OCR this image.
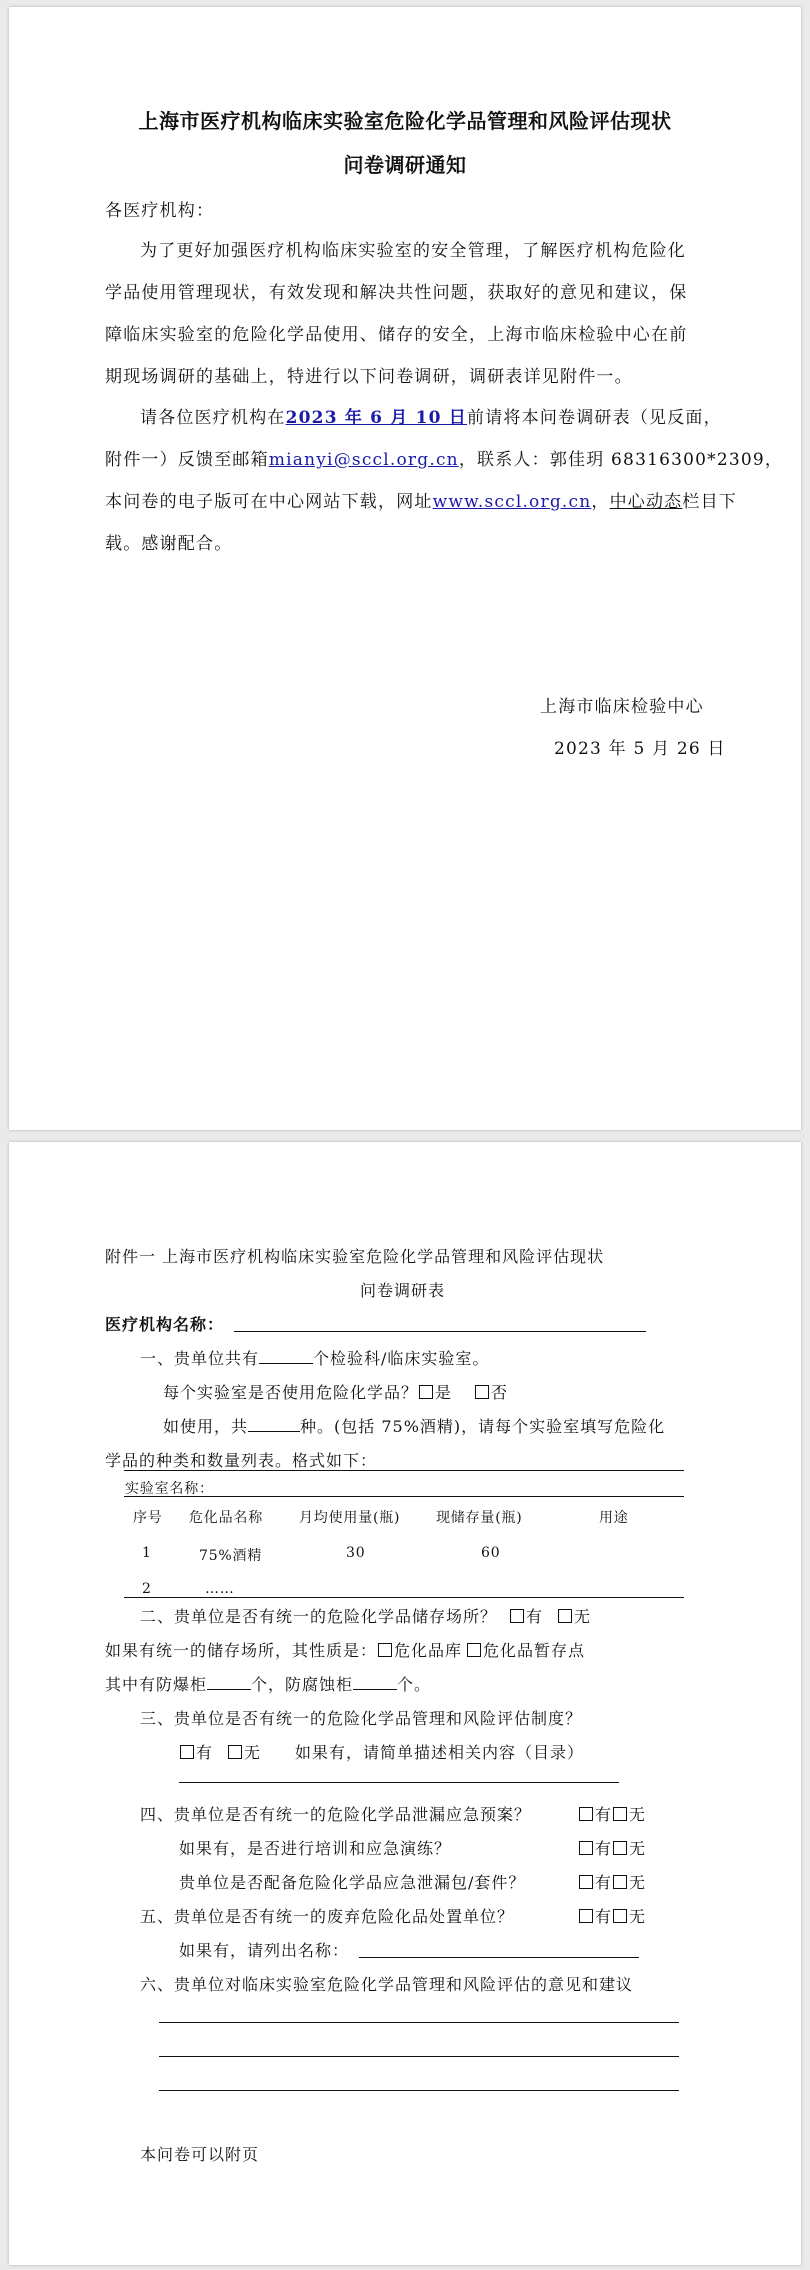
上海市医疗机构临床实验室危险化学品管理和风险评估现状
问卷调研通知
各医疗机构：
为了更好加强医疗机构临床实验室的安全管理，了解医疗机构危险化
学品使用管理现状，有效发现和解决共性问题，获取好的意见和建议，保
障临床实验室的危险化学品使用、储存的安全，上海市临床检验中心在前
期现场调研的基础上，特进行以下问卷调研，调研表详见附件一。
请各位医疗机构在2023 年 6 月 10 日前请将本问卷调研表（见反面，
附件一）反馈至邮箱mianyi@sccl.org.cn，联系人：郭佳玥 68316300*2309，
本问卷的电子版可在中心网站下载，网址www.sccl.org.cn，中心动态栏目下
载。感谢配合。
上海市临床检验中心
2023 年 5 月 26 日
附件一 上海市医疗机构临床实验室危险化学品管理和风险评估现状
问卷调研表
医疗机构名称：
一、贵单位共有	个检验科/临床实验室。
每个实验室是否使用危险化学品？ 是 否
如使用，共	种。(包括 75%酒精)，请每个实验室填写危险化
学品的种类和数量列表。格式如下：
实验室名称：
序号 危化品名称	月均使用量(瓶)	现储存量(瓶)	用途
1	75%酒精	30	60
2	……
二、贵单位是否有统一的危险化学品储存场所？ 有 无
如果有统一的储存场所，其性质是： 危化品库 危化品暂存点
其中有防爆柜	个，防腐蚀柜	个。
三、贵单位是否有统一的危险化学品管理和风险评估制度？
有 无 如果有，请简单描述相关内容（目录）
四、贵单位是否有统一的危险化学品泄漏应急预案？	有 无
如果有，是否进行培训和应急演练？	有 无
贵单位是否配备危险化学品应急泄漏包/套件？	有 无
五、贵单位是否有统一的废弃危险化品处置单位？	有 无
如果有，请列出名称：
六、贵单位对临床实验室危险化学品管理和风险评估的意见和建议
本问卷可以附页
